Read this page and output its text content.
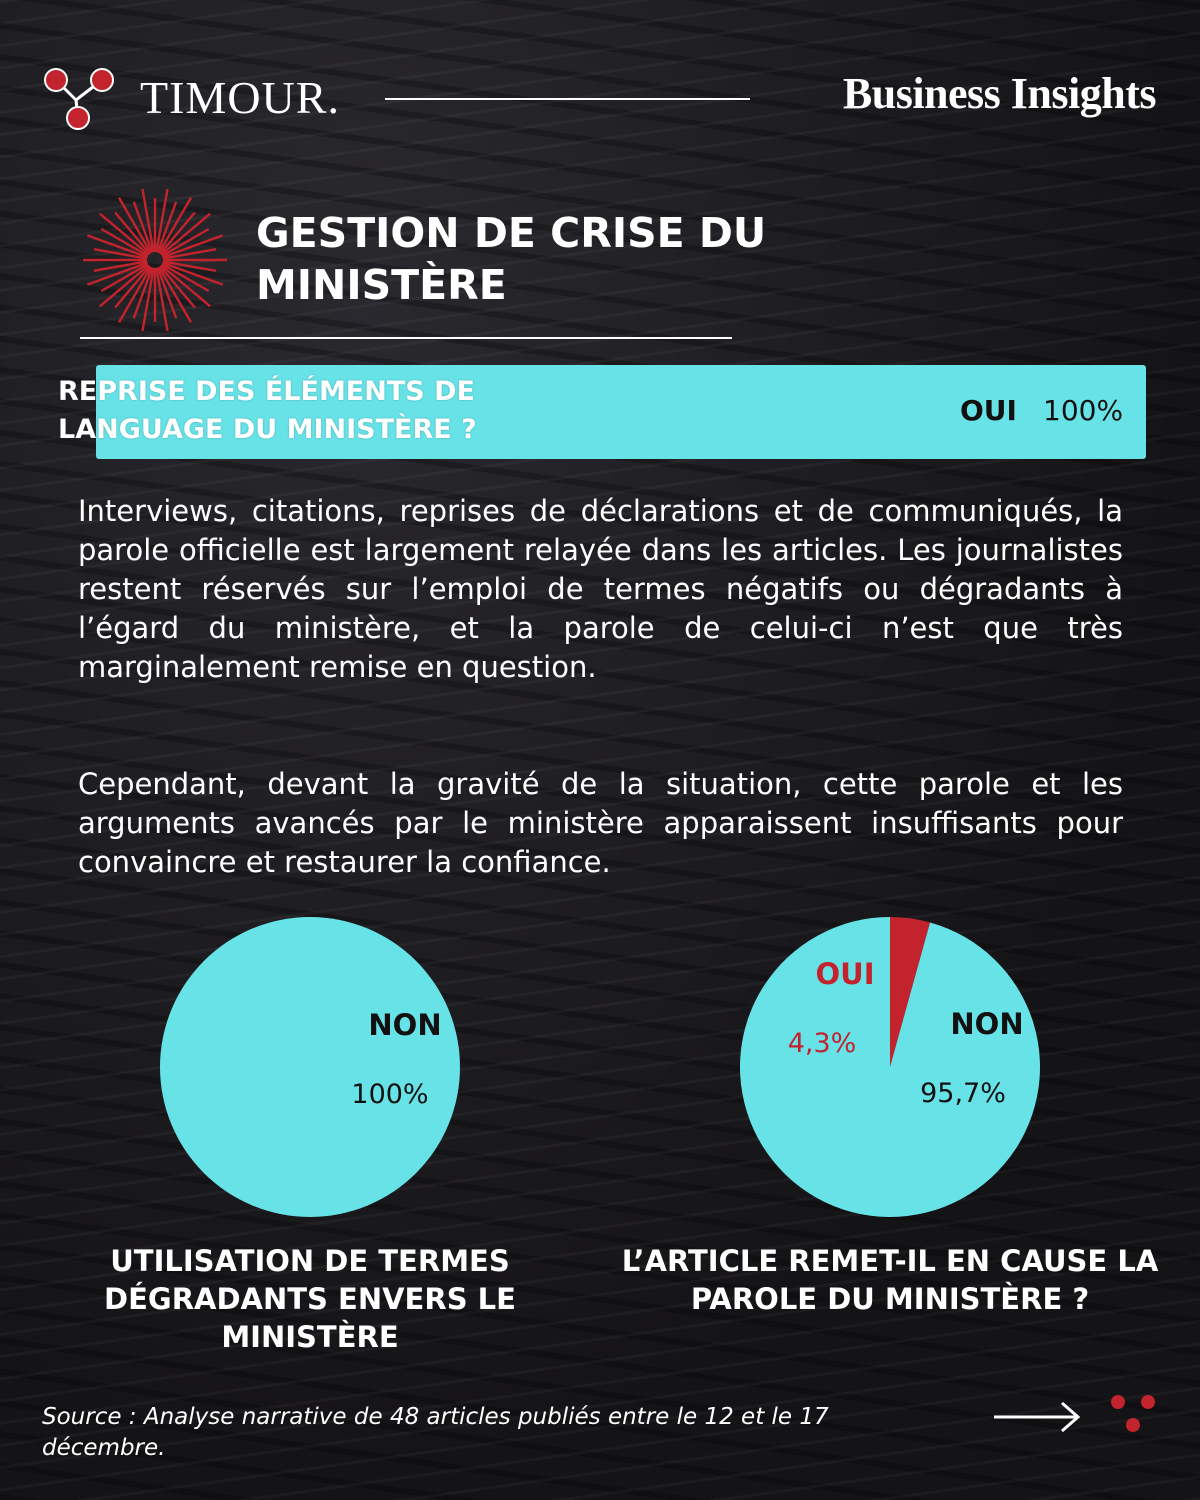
TIMOUR.	Business Insights
GESTION DE CRISE DU MINISTÈRE
REPRISE DES ÉLÉMENTS DE LANGUAGE DU MINISTÈRE ?
OUI 100%
Interviews, citations, reprises de déclarations et de communiqués, la parole officielle est largement relayée dans les articles. Les journalistes restent réservés sur l’emploi de termes négatifs ou dégradants à l’égard du ministère, et la parole de celui-ci n’est que très marginalement remise en question.
Cependant, devant la gravité de la situation, cette parole et les arguments avancés par le ministère apparaissent insuffisants pour convaincre et restaurer la confiance.
NON
100%
OUI
4,3%
NON
95,7%
UTILISATION DE TERMES DÉGRADANTS ENVERS LE MINISTÈRE
L’ARTICLE REMET-IL EN CAUSE LA PAROLE DU MINISTÈRE ?
Source : Analyse narrative de 48 articles publiés entre le 12 et le 17 décembre.
